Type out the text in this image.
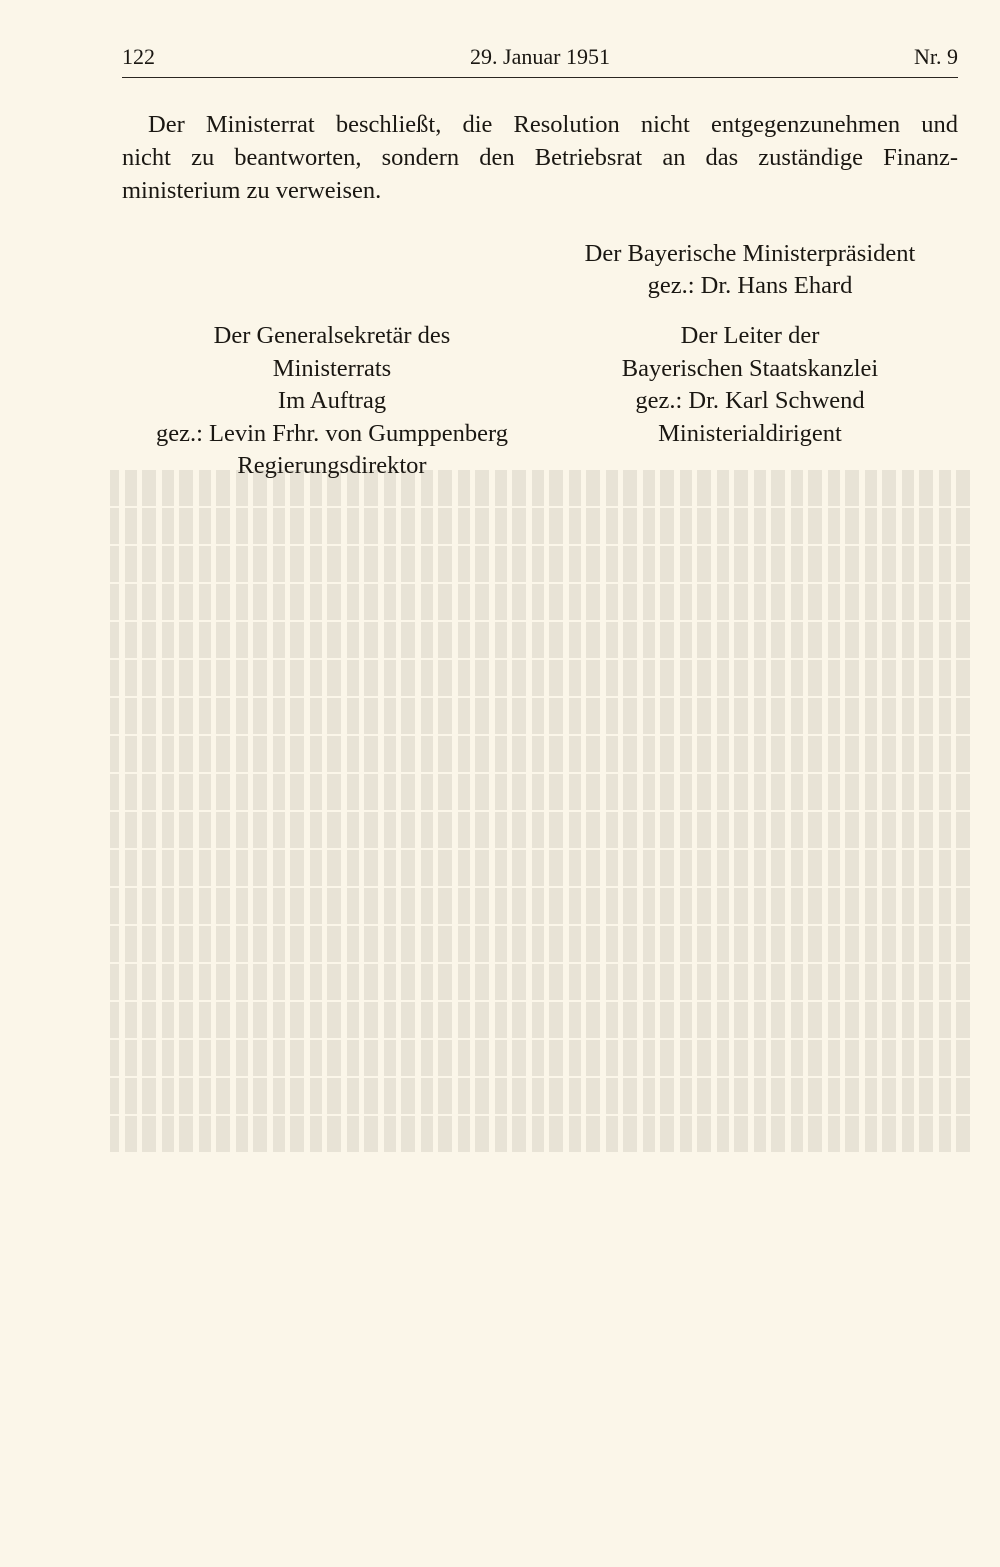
122	29. Januar 1951	Nr. 9
Der Ministerrat beschließt, die Resolution nicht entgegenzunehmen und
nicht zu beantworten, sondern den Betriebsrat an das zuständige Finanz-
ministerium zu verweisen.
Der Bayerische Ministerpräsident
gez.: Dr. Hans Ehard
Der Generalsekretär des
Ministerrats
Im Auftrag
gez.: Levin Frhr. von Gumppenberg
Regierungsdirektor
Der Leiter der
Bayerischen Staatskanzlei
gez.: Dr. Karl Schwend
Ministerialdirigent
